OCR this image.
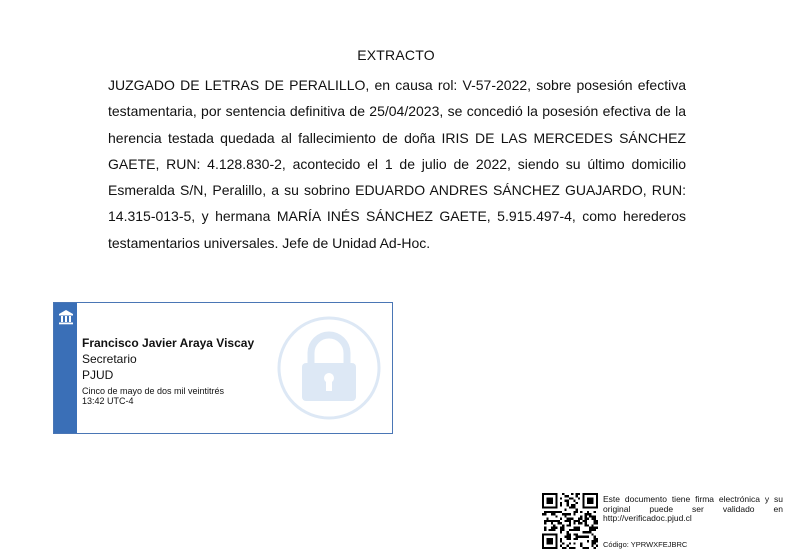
EXTRACTO
JUZGADO DE LETRAS DE PERALILLO, en causa rol: V-57-2022, sobre posesión efectiva testamentaria, por sentencia definitiva de 25/04/2023, se concedió la posesión efectiva de la herencia testada quedada al fallecimiento de doña IRIS DE LAS MERCEDES SÁNCHEZ GAETE, RUN: 4.128.830-2, acontecido el 1 de julio de 2022, siendo su último domicilio Esmeralda S/N, Peralillo, a su sobrino EDUARDO ANDRES SÁNCHEZ GUAJARDO, RUN: 14.315-013-5, y hermana MARÍA INÉS SÁNCHEZ GAETE, 5.915.497-4, como herederos testamentarios universales. Jefe de Unidad Ad-Hoc.
Francisco Javier Araya Viscay
Secretario
PJUD
Cinco de mayo de dos mil veintitrés
13:42 UTC-4
Este documento tiene firma electrónica y su original puede ser validado en http://verificadoc.pjud.cl
Código: YPRWXFEJBRC
